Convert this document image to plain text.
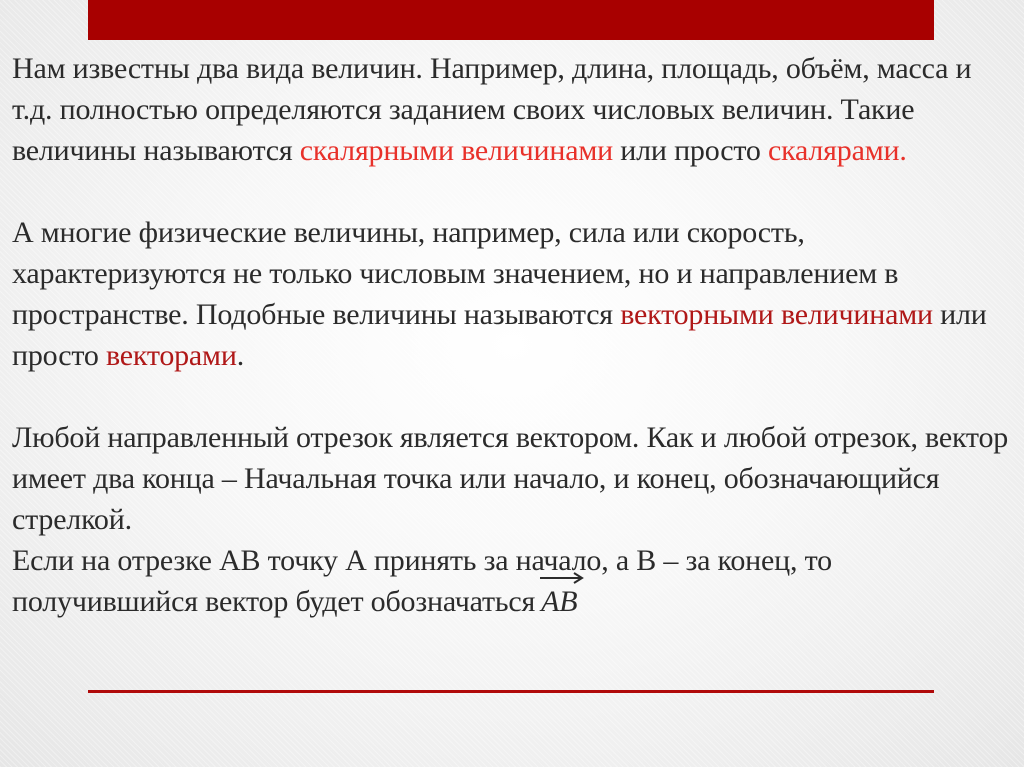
Нам известны два вида величин. Например, длина, площадь, объём, масса и т.д. полностью определяются заданием своих числовых величин. Такие величины называются скалярными величинами или просто скалярами.

А многие физические величины, например, сила или скорость, характеризуются не только числовым значением, но и направлением в пространстве. Подобные величины называются векторными величинами или просто векторами.

Любой направленный отрезок является вектором. Как и любой отрезок, вектор имеет два конца – Начальная точка или начало, и конец, обозначающийся стрелкой.

Если на отрезке АВ точку А принять за начало, а В – за конец, то получившийся вектор будет обозначаться AB
